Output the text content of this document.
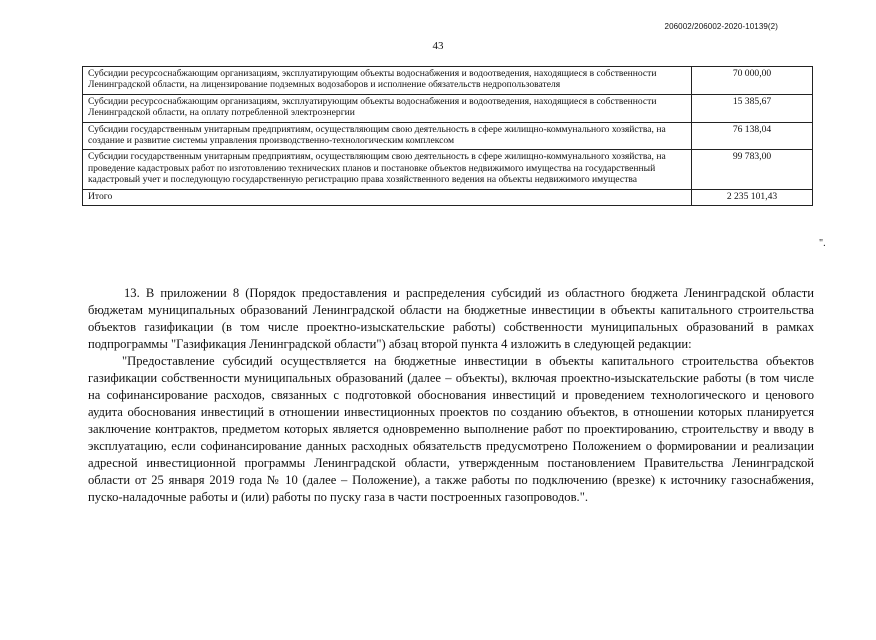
206002/206002-2020-10139(2)
43
Субсидии ресурсоснабжающим организациям, эксплуатирующим объекты водоснабжения и водоотведения, находящиеся в собственности Ленинградской области, на лицензирование подземных водозаборов и исполнение обязательств недропользователя	70 000,00
Субсидии ресурсоснабжающим организациям, эксплуатирующим объекты водоснабжения и водоотведения, находящиеся в собственности Ленинградской области, на оплату потребленной электроэнергии	15 385,67
Субсидии государственным унитарным предприятиям, осуществляющим свою деятельность в сфере жилищно-коммунального хозяйства, на создание и развитие системы управления производственно-технологическим комплексом	76 138,04
Субсидии государственным унитарным предприятиям, осуществляющим свою деятельность в сфере жилищно-коммунального хозяйства, на проведение кадастровых работ по изготовлению технических планов и постановке объектов недвижимого имущества на государственный кадастровый учет и последующую государственную регистрацию права хозяйственного ведения на объекты недвижимого имущества	99 783,00
Итого	2 235 101,43
".

13. В приложении 8 (Порядок предоставления и распределения субсидий из областного бюджета Ленинградской области бюджетам муниципальных образований Ленинградской области на бюджетные инвестиции в объекты капитального строительства объектов газификации (в том числе проектно-изыскательские работы) собственности муниципальных образований в рамках подпрограммы "Газификация Ленинградской области") абзац второй пункта 4 изложить в следующей редакции:

"Предоставление субсидий осуществляется на бюджетные инвестиции в объекты капитального строительства объектов газификации собственности муниципальных образований (далее – объекты), включая проектно-изыскательские работы (в том числе на софинансирование расходов, связанных с подготовкой обоснования инвестиций и проведением технологического и ценового аудита обоснования инвестиций в отношении инвестиционных проектов по созданию объектов, в отношении которых планируется заключение контрактов, предметом которых является одновременно выполнение работ по проектированию, строительству и вводу в эксплуатацию, если софинансирование данных расходных обязательств предусмотрено Положением о формировании и реализации адресной инвестиционной программы Ленинградской области, утвержденным постановлением Правительства Ленинградской области от 25 января 2019 года № 10 (далее – Положение), а также работы по подключению (врезке) к источнику газоснабжения, пуско-наладочные работы и (или) работы по пуску газа в части построенных газопроводов.".
